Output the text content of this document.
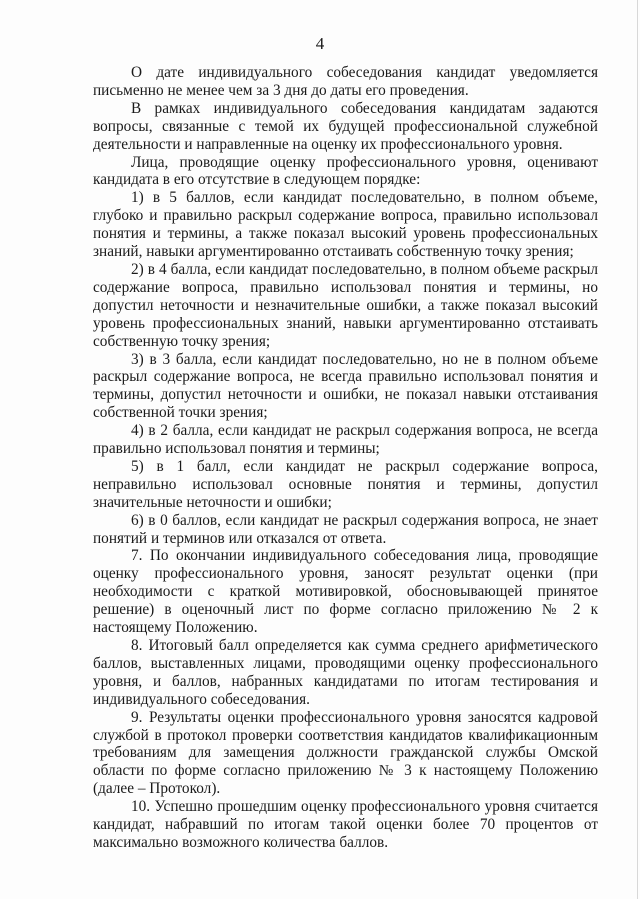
4

О дате индивидуального собеседования кандидат уведомляется письменно не менее чем за 3 дня до даты его проведения.

В рамках индивидуального собеседования кандидатам задаются вопросы, связанные с темой их будущей профессиональной служебной деятельности и направленные на оценку их профессионального уровня.

Лица, проводящие оценку профессионального уровня, оценивают кандидата в его отсутствие в следующем порядке:

1) в 5 баллов, если кандидат последовательно, в полном объеме, глубоко и правильно раскрыл содержание вопроса, правильно использовал понятия и термины, а также показал высокий уровень профессиональных знаний, навыки аргументированно отстаивать собственную точку зрения;

2) в 4 балла, если кандидат последовательно, в полном объеме раскрыл содержание вопроса, правильно использовал понятия и термины, но допустил неточности и незначительные ошибки, а также показал высокий уровень профессиональных знаний, навыки аргументированно отстаивать собственную точку зрения;

3) в 3 балла, если кандидат последовательно, но не в полном объеме раскрыл содержание вопроса, не всегда правильно использовал понятия и термины, допустил неточности и ошибки, не показал навыки отстаивания собственной точки зрения;

4) в 2 балла, если кандидат не раскрыл содержания вопроса, не всегда правильно использовал понятия и термины;

5) в 1 балл, если кандидат не раскрыл содержание вопроса, неправильно использовал основные понятия и термины, допустил значительные неточности и ошибки;

6) в 0 баллов, если кандидат не раскрыл содержания вопроса, не знает понятий и терминов или отказался от ответа.

7. По окончании индивидуального собеседования лица, проводящие оценку профессионального уровня, заносят результат оценки (при необходимости с краткой мотивировкой, обосновывающей принятое решение) в оценочный лист по форме согласно приложению № 2 к настоящему Положению.

8. Итоговый балл определяется как сумма среднего арифметического баллов, выставленных лицами, проводящими оценку профессионального уровня, и баллов, набранных кандидатами по итогам тестирования и индивидуального собеседования.

9. Результаты оценки профессионального уровня заносятся кадровой службой в протокол проверки соответствия кандидатов квалификационным требованиям для замещения должности гражданской службы Омской области по форме согласно приложению № 3 к настоящему Положению (далее – Протокол).

10. Успешно прошедшим оценку профессионального уровня считается кандидат, набравший по итогам такой оценки более 70 процентов от максимально возможного количества баллов.
